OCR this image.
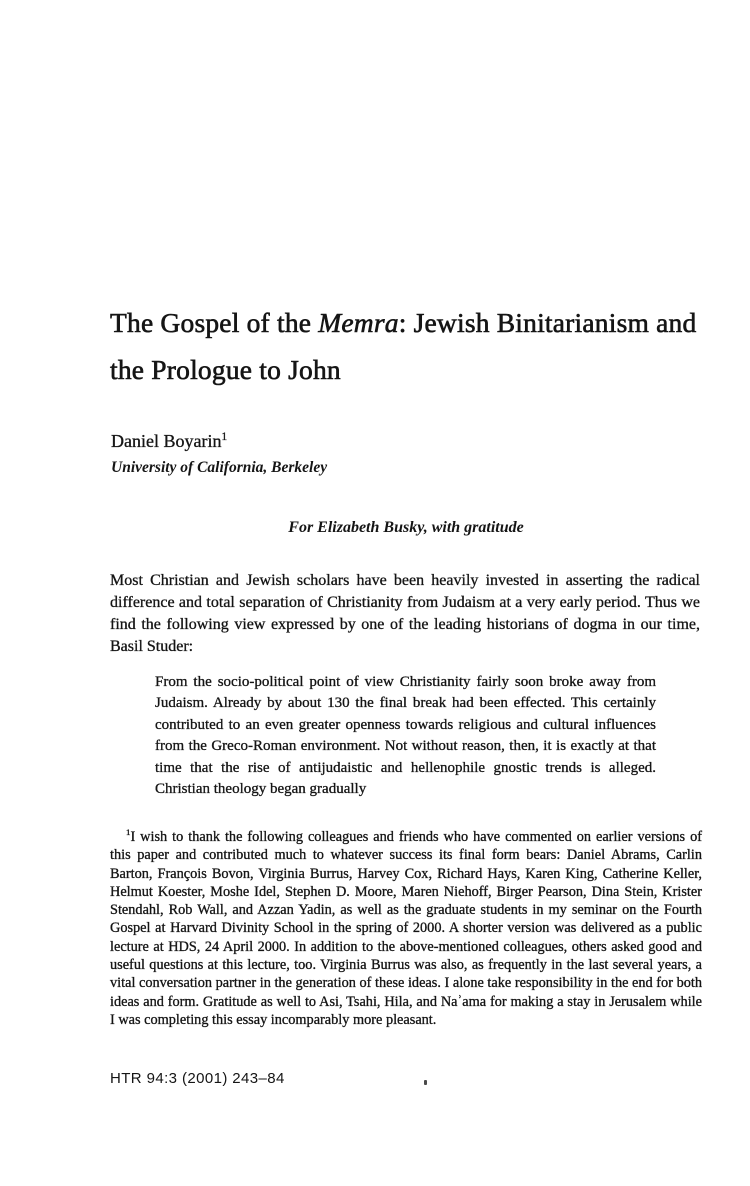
The Gospel of the Memra: Jewish Binitarianism and the Prologue to John
Daniel Boyarin$^1$
University of California, Berkeley
For Elizabeth Busky, with gratitude

Most Christian and Jewish scholars have been heavily invested in asserting the radical difference and total separation of Christianity from Judaism at a very early period. Thus we find the following view expressed by one of the leading historians of dogma in our time, Basil Studer:

From the socio-political point of view Christianity fairly soon broke away from Judaism. Already by about 130 the final break had been effected. This certainly contributed to an even greater openness towards religious and cultural influences from the Greco-Roman environment. Not without reason, then, it is exactly at that time that the rise of antijudaistic and hellenophile gnostic trends is alleged. Christian theology began gradually

$^1$I wish to thank the following colleagues and friends who have commented on earlier versions of this paper and contributed much to whatever success its final form bears: Daniel Abrams, Carlin Barton, François Bovon, Virginia Burrus, Harvey Cox, Richard Hays, Karen King, Catherine Keller, Helmut Koester, Moshe Idel, Stephen D. Moore, Maren Niehoff, Birger Pearson, Dina Stein, Krister Stendahl, Rob Wall, and Azzan Yadin, as well as the graduate students in my seminar on the Fourth Gospel at Harvard Divinity School in the spring of 2000. A shorter version was delivered as a public lecture at HDS, 24 April 2000. In addition to the above-mentioned colleagues, others asked good and useful questions at this lecture, too. Virginia Burrus was also, as frequently in the last several years, a vital conversation partner in the generation of these ideas. I alone take responsibility in the end for both ideas and form. Gratitude as well to Asi, Tsahi, Hila, and Naʾama for making a stay in Jerusalem while I was completing this essay incomparably more pleasant.

HTR 94:3 (2001) 243–84
